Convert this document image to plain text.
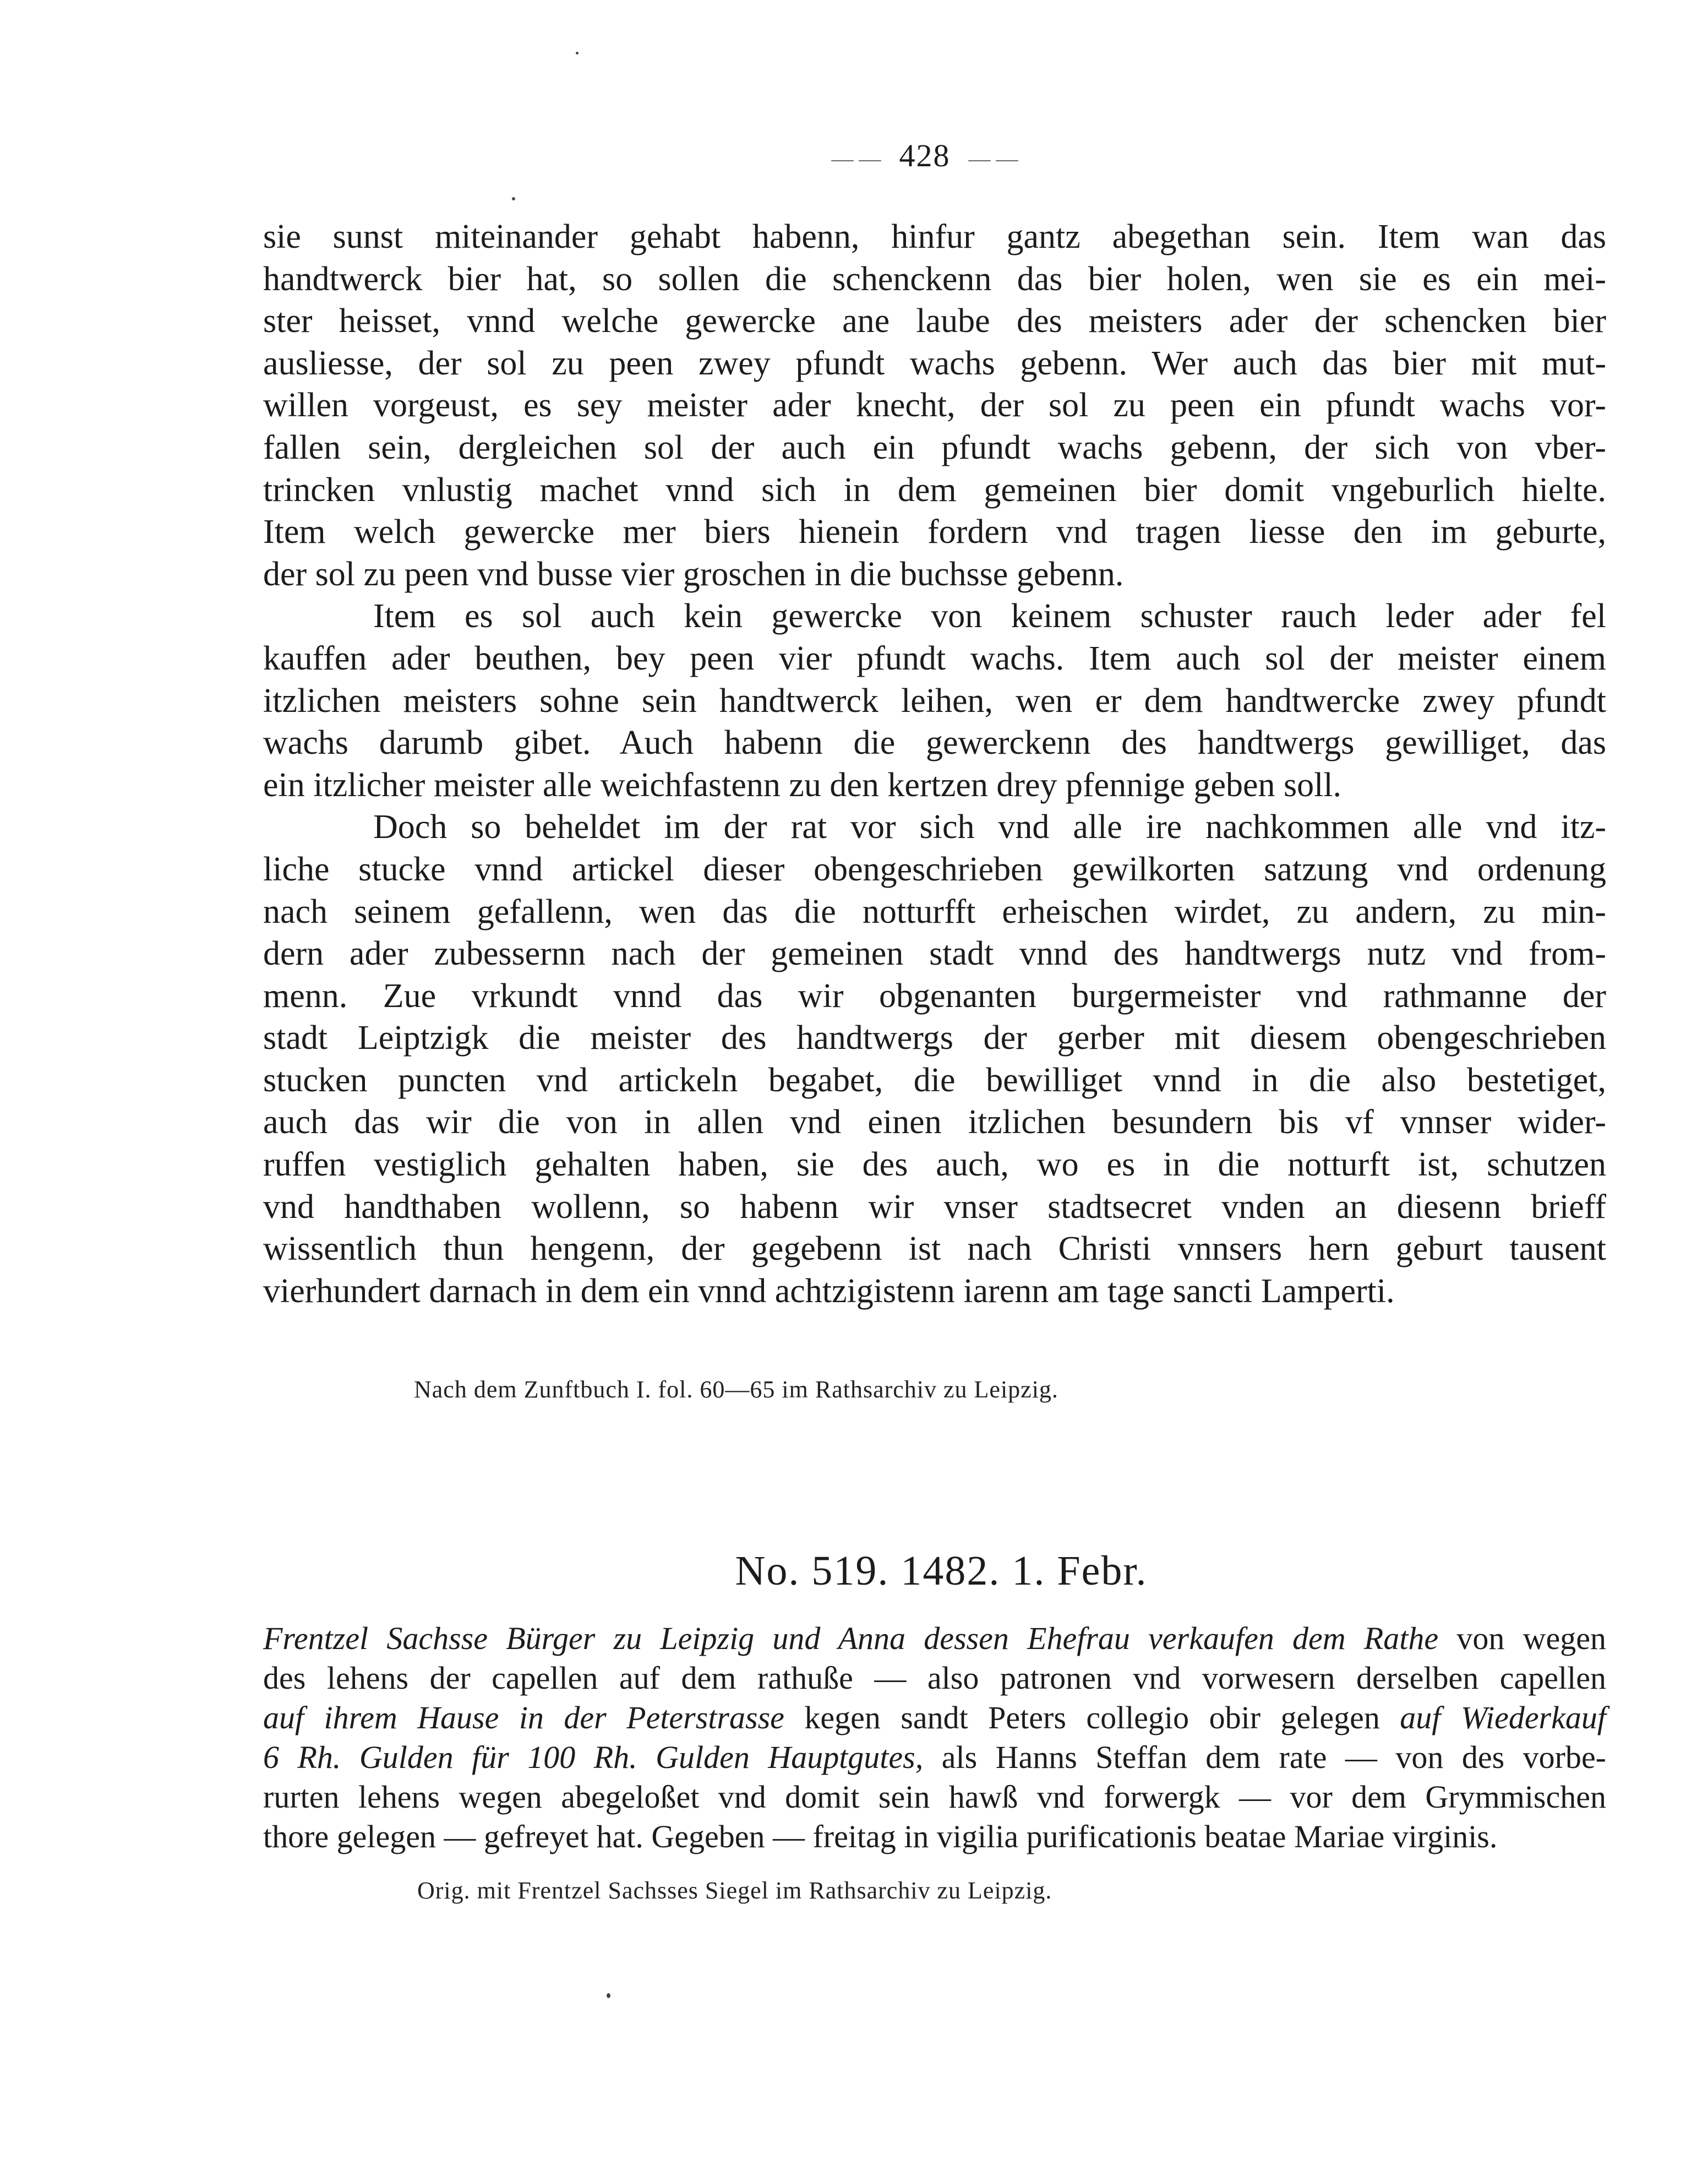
— — 428 — —

sie sunst miteinander gehabt habenn, hinfur gantz abegethan sein. Item wan das
handtwerck bier hat, so sollen die schenckenn das bier holen, wen sie es ein mei-
ster heisset, vnnd welche gewercke ane laube des meisters ader der schencken bier
ausliesse, der sol zu peen zwey pfundt wachs gebenn. Wer auch das bier mit mut-
willen vorgeust, es sey meister ader knecht, der sol zu peen ein pfundt wachs vor-
fallen sein, dergleichen sol der auch ein pfundt wachs gebenn, der sich von vber-
trincken vnlustig machet vnnd sich in dem gemeinen bier domit vngeburlich hielte.
Item welch gewercke mer biers hienein fordern vnd tragen liesse den im geburte,
der sol zu peen vnd busse vier groschen in die buchsse gebenn.

Item es sol auch kein gewercke von keinem schuster rauch leder ader fel
kauffen ader beuthen, bey peen vier pfundt wachs. Item auch sol der meister einem
itzlichen meisters sohne sein handtwerck leihen, wen er dem handtwercke zwey pfundt
wachs darumb gibet. Auch habenn die gewerckenn des handtwergs gewilliget, das
ein itzlicher meister alle weichfastenn zu den kertzen drey pfennige geben soll.

Doch so beheldet im der rat vor sich vnd alle ire nachkommen alle vnd itz-
liche stucke vnnd artickel dieser obengeschrieben gewilkorten satzung vnd ordenung
nach seinem gefallenn, wen das die notturfft erheischen wirdet, zu andern, zu min-
dern ader zubessernn nach der gemeinen stadt vnnd des handtwergs nutz vnd from-
menn. Zue vrkundt vnnd das wir obgenanten burgermeister vnd rathmanne der
stadt Leiptzigk die meister des handtwergs der gerber mit diesem obengeschrieben
stucken puncten vnd artickeln begabet, die bewilliget vnnd in die also bestetiget,
auch das wir die von in allen vnd einen itzlichen besundern bis vf vnnser wider-
ruffen vestiglich gehalten haben, sie des auch, wo es in die notturft ist, schutzen
vnd handthaben wollenn, so habenn wir vnser stadtsecret vnden an diesenn brieff
wissentlich thun hengenn, der gegebenn ist nach Christi vnnsers hern geburt tausent
vierhundert darnach in dem ein vnnd achtzigistenn iarenn am tage sancti Lamperti.

Nach dem Zunftbuch I. fol. 60—65 im Rathsarchiv zu Leipzig.
No. 519. 1482. 1. Febr.

Frentzel Sachsse Bürger zu Leipzig und Anna dessen Ehefrau verkaufen dem Rathe von wegen
des lehens der capellen auf dem rathuße — also patronen vnd vorwesern derselben capellen
auf ihrem Hause in der Peterstrasse kegen sandt Peters collegio obir gelegen auf Wiederkauf
6 Rh. Gulden für 100 Rh. Gulden Hauptgutes, als Hanns Steffan dem rate — von des vorbe-
rurten lehens wegen abegeloßet vnd domit sein hawß vnd forwergk — vor dem Grymmischen
thore gelegen — gefreyet hat. Gegeben — freitag in vigilia purificationis beatae Mariae virginis.

Orig. mit Frentzel Sachsses Siegel im Rathsarchiv zu Leipzig.
